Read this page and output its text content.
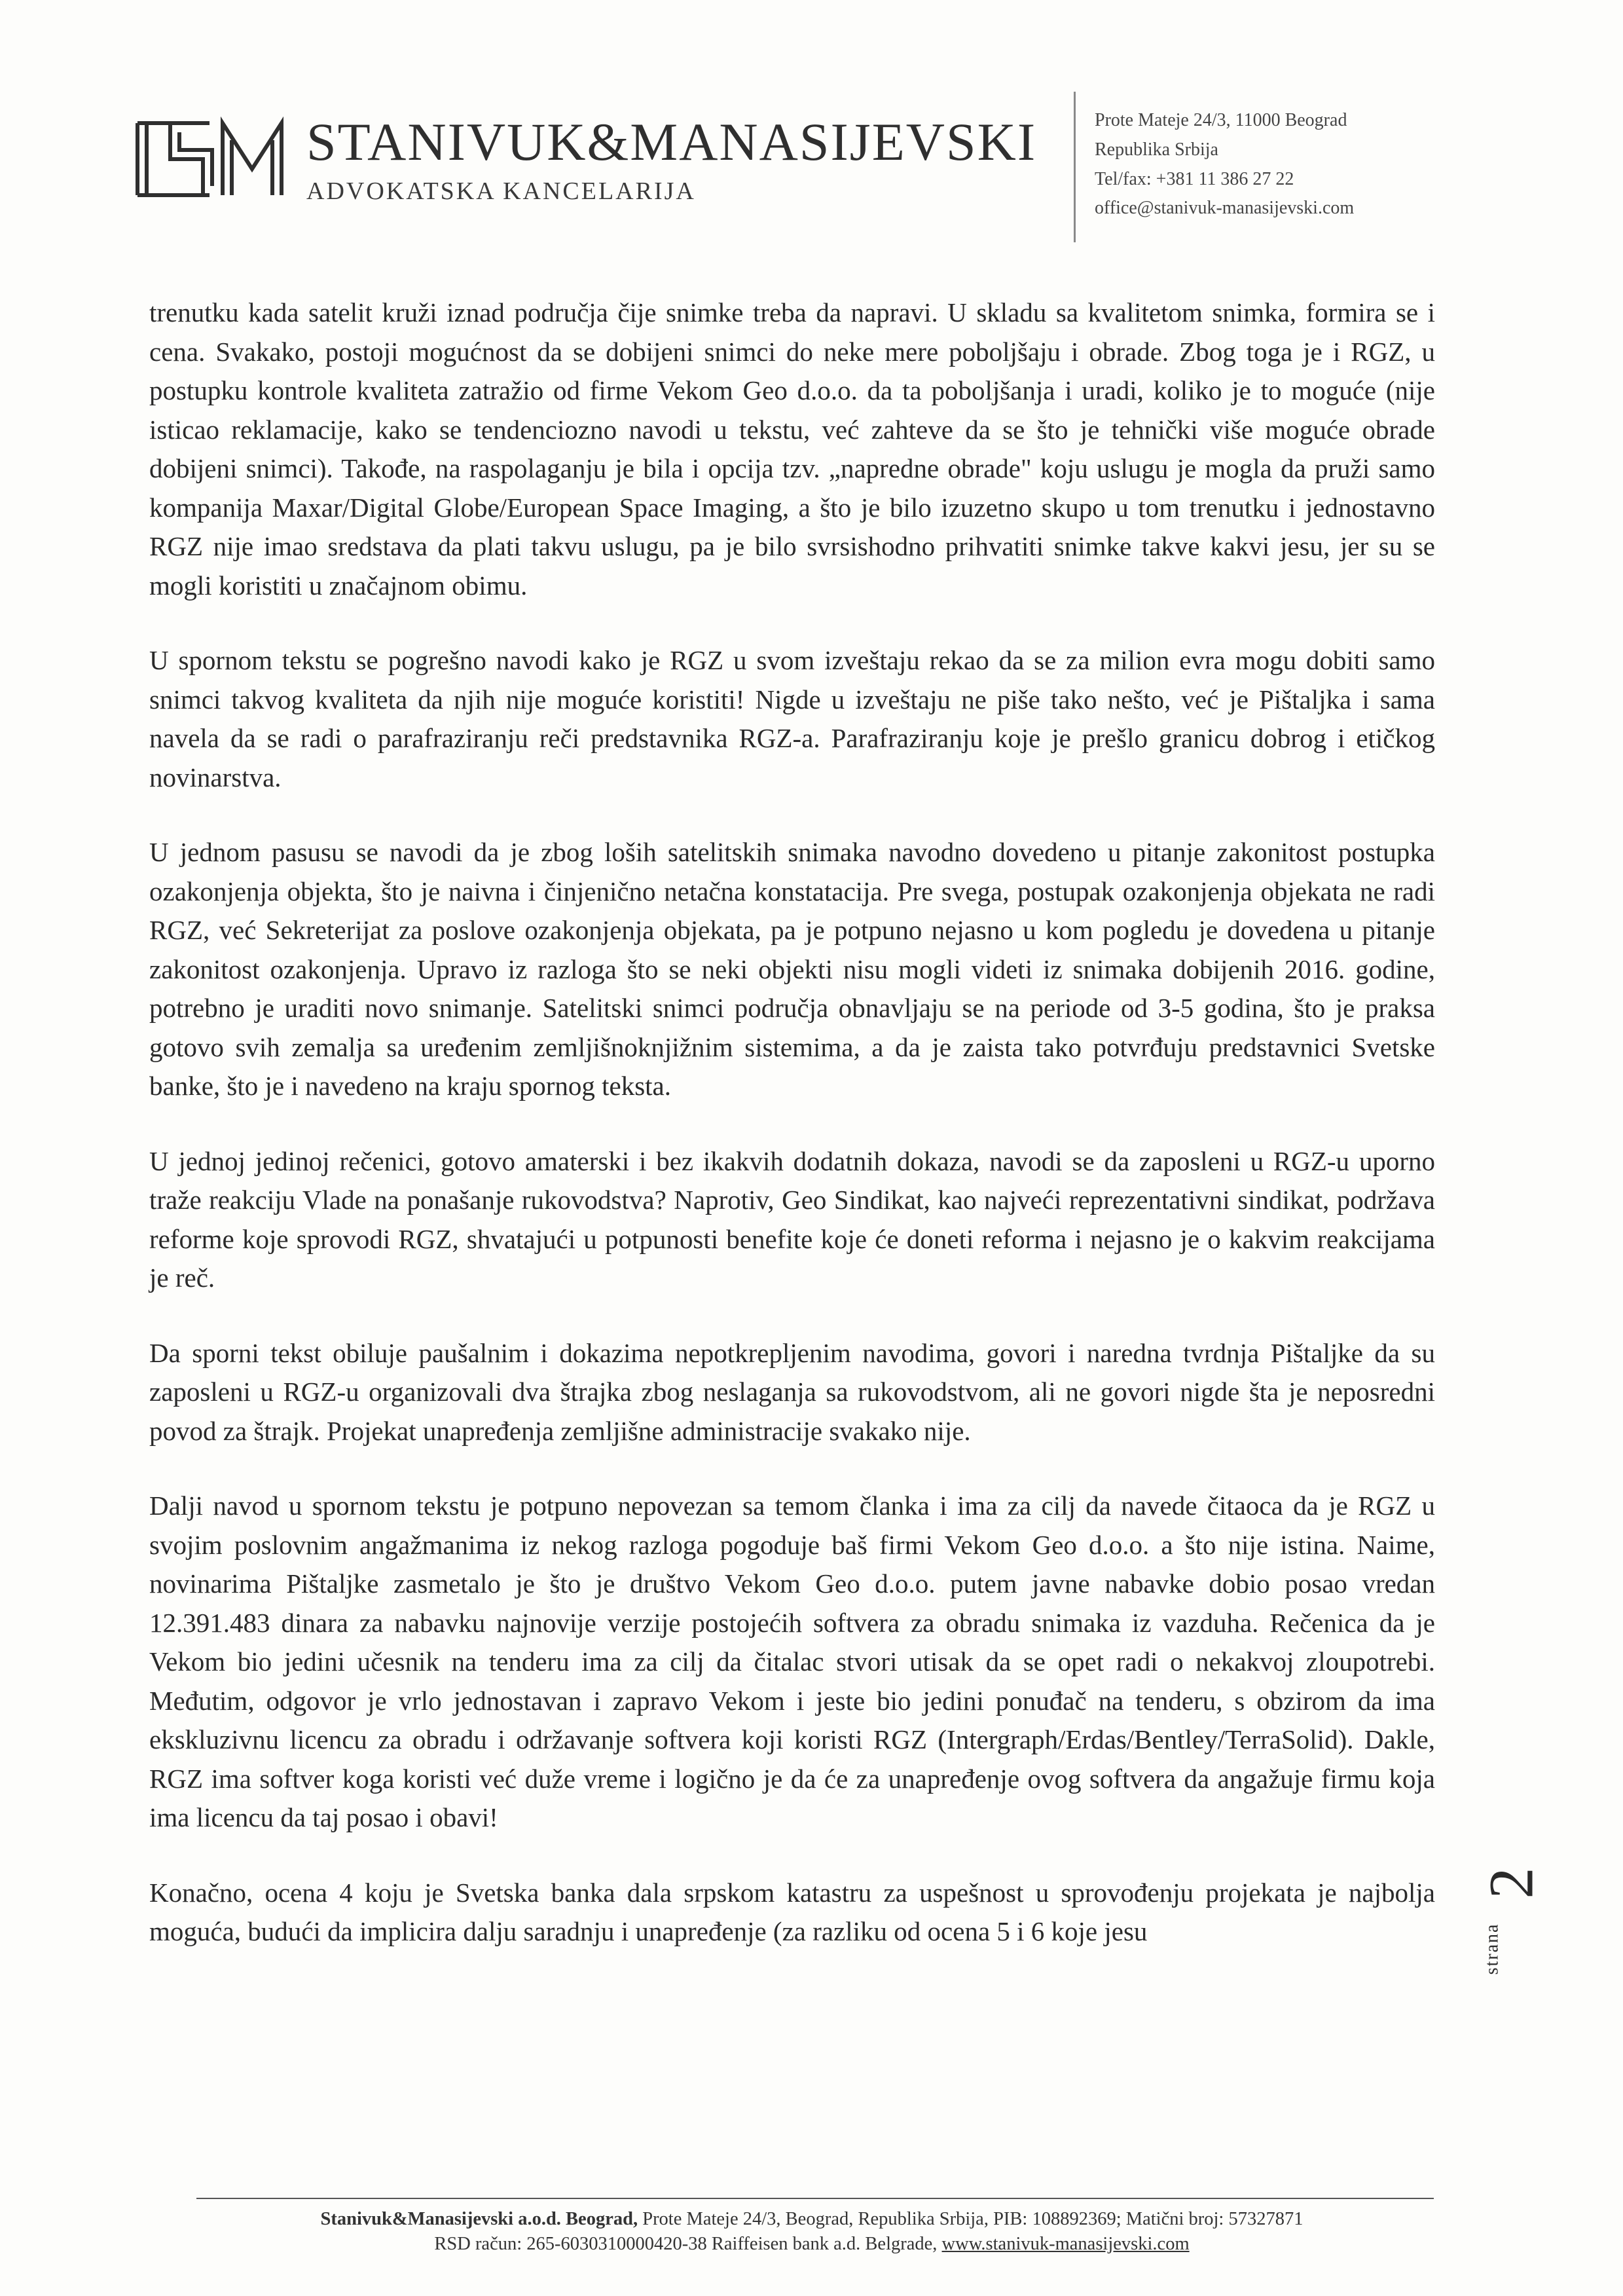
STANIVUK&MANASIJEVSKI
ADVOKATSKA KANCELARIJA
Prote Mateje 24/3, 11000 Beograd
Republika Srbija
Tel/fax: +381 11 386 27 22
office@stanivuk-manasijevski.com

trenutku kada satelit kruži iznad područja čije snimke treba da napravi. U skladu sa kvalitetom snimka, formira se i cena. Svakako, postoji mogućnost da se dobijeni snimci do neke mere poboljšaju i obrade. Zbog toga je i RGZ, u postupku kontrole kvaliteta zatražio od firme Vekom Geo d.o.o. da ta poboljšanja i uradi, koliko je to moguće (nije isticao reklamacije, kako se tendenciozno navodi u tekstu, već zahteve da se što je tehnički više moguće obrade dobijeni snimci). Takođe, na raspolaganju je bila i opcija tzv. „napredne obrade" koju uslugu je mogla da pruži samo kompanija Maxar/Digital Globe/European Space Imaging, a što je bilo izuzetno skupo u tom trenutku i jednostavno RGZ nije imao sredstava da plati takvu uslugu, pa je bilo svrsishodno prihvatiti snimke takve kakvi jesu, jer su se mogli koristiti u značajnom obimu.

U spornom tekstu se pogrešno navodi kako je RGZ u svom izveštaju rekao da se za milion evra mogu dobiti samo snimci takvog kvaliteta da njih nije moguće koristiti! Nigde u izveštaju ne piše tako nešto, već je Pištaljka i sama navela da se radi o parafraziranju reči predstavnika RGZ-a. Parafraziranju koje je prešlo granicu dobrog i etičkog novinarstva.

U jednom pasusu se navodi da je zbog loših satelitskih snimaka navodno dovedeno u pitanje zakonitost postupka ozakonjenja objekta, što je naivna i činjenično netačna konstatacija. Pre svega, postupak ozakonjenja objekata ne radi RGZ, već Sekreterijat za poslove ozakonjenja objekata, pa je potpuno nejasno u kom pogledu je dovedena u pitanje zakonitost ozakonjenja. Upravo iz razloga što se neki objekti nisu mogli videti iz snimaka dobijenih 2016. godine, potrebno je uraditi novo snimanje. Satelitski snimci područja obnavljaju se na periode od 3-5 godina, što je praksa gotovo svih zemalja sa uređenim zemljišnoknjižnim sistemima, a da je zaista tako potvrđuju predstavnici Svetske banke, što je i navedeno na kraju spornog teksta.

U jednoj jedinoj rečenici, gotovo amaterski i bez ikakvih dodatnih dokaza, navodi se da zaposleni u RGZ-u uporno traže reakciju Vlade na ponašanje rukovodstva? Naprotiv, Geo Sindikat, kao najveći reprezentativni sindikat, podržava reforme koje sprovodi RGZ, shvatajući u potpunosti benefite koje će doneti reforma i nejasno je o kakvim reakcijama je reč.

Da sporni tekst obiluje paušalnim i dokazima nepotkrepljenim navodima, govori i naredna tvrdnja Pištaljke da su zaposleni u RGZ-u organizovali dva štrajka zbog neslaganja sa rukovodstvom, ali ne govori nigde šta je neposredni povod za štrajk. Projekat unapređenja zemljišne administracije svakako nije.

Dalji navod u spornom tekstu je potpuno nepovezan sa temom članka i ima za cilj da navede čitaoca da je RGZ u svojim poslovnim angažmanima iz nekog razloga pogoduje baš firmi Vekom Geo d.o.o. a što nije istina. Naime, novinarima Pištaljke zasmetalo je što je društvo Vekom Geo d.o.o. putem javne nabavke dobio posao vredan 12.391.483 dinara za nabavku najnovije verzije postojećih softvera za obradu snimaka iz vazduha. Rečenica da je Vekom bio jedini učesnik na tenderu ima za cilj da čitalac stvori utisak da se opet radi o nekakvoj zloupotrebi. Međutim, odgovor je vrlo jednostavan i zapravo Vekom i jeste bio jedini ponuđač na tenderu, s obzirom da ima ekskluzivnu licencu za obradu i održavanje softvera koji koristi RGZ (Intergraph/Erdas/Bentley/TerraSolid). Dakle, RGZ ima softver koga koristi već duže vreme i logično je da će za unapređenje ovog softvera da angažuje firmu koja ima licencu da taj posao i obavi!

Konačno, ocena 4 koju je Svetska banka dala srpskom katastru za uspešnost u sprovođenju projekata je najbolja moguća, budući da implicira dalju saradnju i unapređenje (za razliku od ocena 5 i 6 koje jesu

2
strana
Stanivuk&Manasijevski a.o.d. Beograd, Prote Mateje 24/3, Beograd, Republika Srbija, PIB: 108892369; Matični broj: 57327871
RSD račun: 265-6030310000420-38 Raiffeisen bank a.d. Belgrade, www.stanivuk-manasijevski.com
